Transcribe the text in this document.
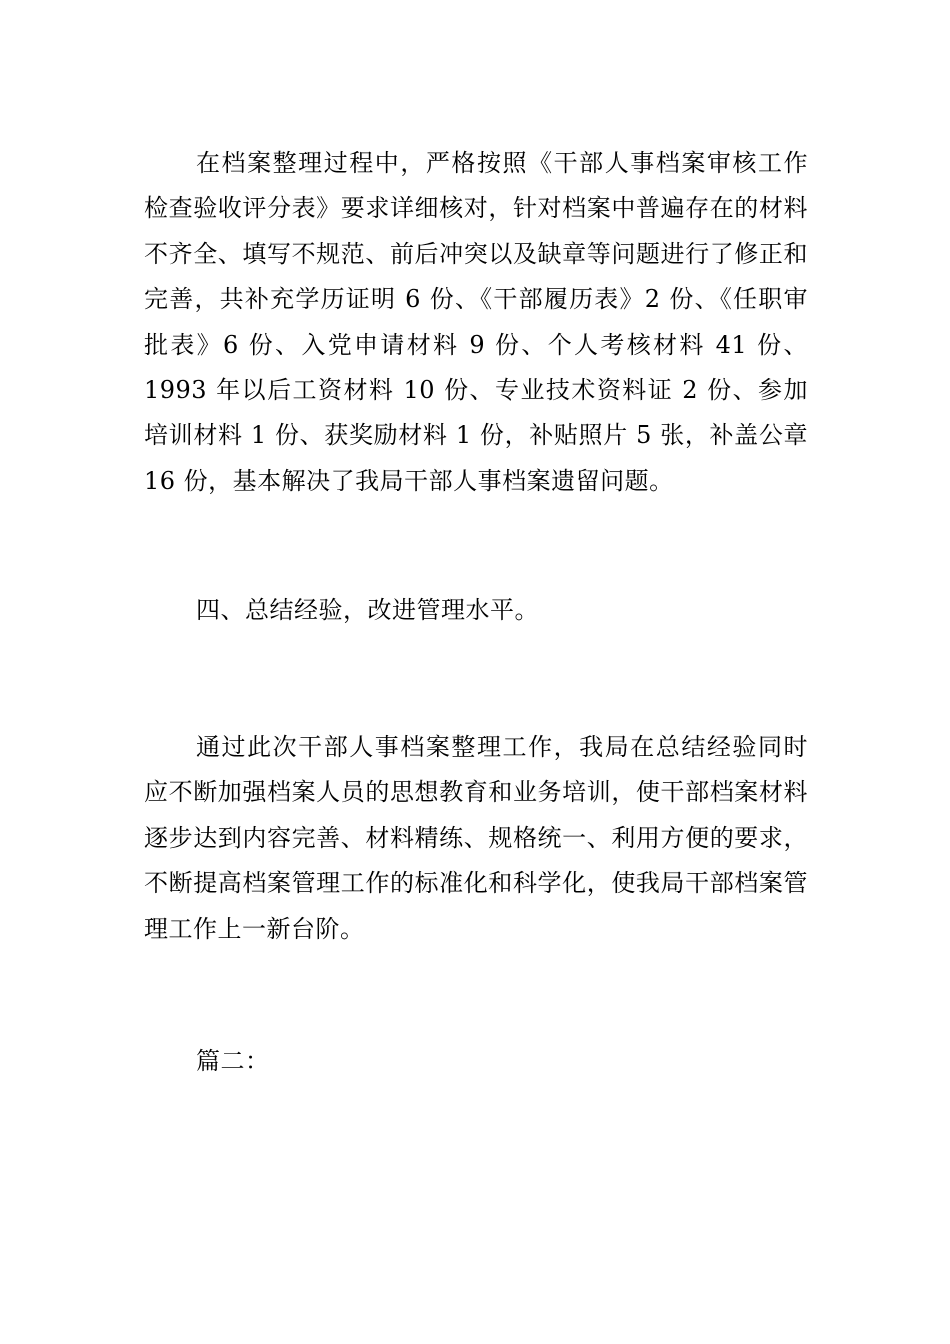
在档案整理过程中，严格按照《干部人事档案审核工作检查验收评分表》要求详细核对，针对档案中普遍存在的材料不齐全、填写不规范、前后冲突以及缺章等问题进行了修正和完善，共补充学历证明 6 份、《干部履历表》2 份、《任职审批表》6 份、入党申请材料 9 份、个人考核材料 41 份、1993 年以后工资材料 10 份、专业技术资料证 2 份、参加培训材料 1 份、获奖励材料 1 份，补贴照片 5 张，补盖公章 16 份，基本解决了我局干部人事档案遗留问题。

四、总结经验，改进管理水平。

通过此次干部人事档案整理工作，我局在总结经验同时应不断加强档案人员的思想教育和业务培训，使干部档案材料逐步达到内容完善、材料精练、规格统一、利用方便的要求，不断提高档案管理工作的标准化和科学化，使我局干部档案管理工作上一新台阶。

篇二：
